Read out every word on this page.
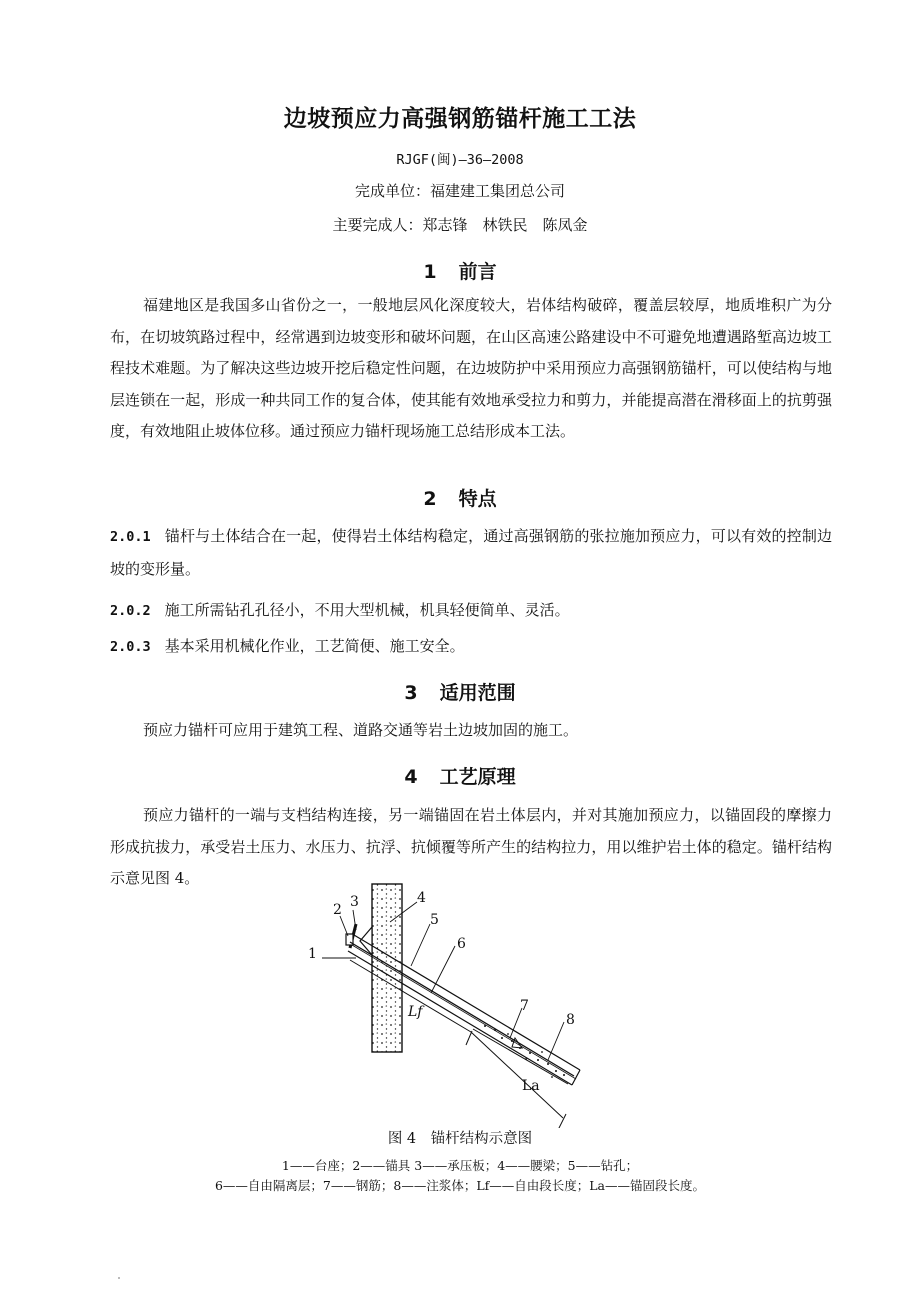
边坡预应力高强钢筋锚杆施工工法
RJGF(闽)—36—2008
完成单位：福建建工集团总公司
主要完成人：郑志锋　林铁民　陈凤金
1 前言
福建地区是我国多山省份之一，一般地层风化深度较大，岩体结构破碎，覆盖层较厚，地质堆积广为分布，在切坡筑路过程中，经常遇到边坡变形和破坏问题，在山区高速公路建设中不可避免地遭遇路堑高边坡工程技术难题。为了解决这些边坡开挖后稳定性问题，在边坡防护中采用预应力高强钢筋锚杆，可以使结构与地层连锁在一起，形成一种共同工作的复合体，使其能有效地承受拉力和剪力，并能提高潜在滑移面上的抗剪强度，有效地阻止坡体位移。通过预应力锚杆现场施工总结形成本工法。
2 特点
2.0.1 锚杆与土体结合在一起，使得岩土体结构稳定，通过高强钢筋的张拉施加预应力，可以有效的控制边坡的变形量。
2.0.2 施工所需钻孔孔径小，不用大型机械，机具轻便简单、灵活。
2.0.3 基本采用机械化作业，工艺简便、施工安全。
3 适用范围
预应力锚杆可应用于建筑工程、道路交通等岩土边坡加固的施工。
4 工艺原理
预应力锚杆的一端与支档结构连接，另一端锚固在岩土体层内，并对其施加预应力，以锚固段的摩擦力形成抗拔力，承受岩土压力、水压力、抗浮、抗倾覆等所产生的结构拉力，用以维护岩土体的稳定。锚杆结构示意见图 4。
1
2 3	4
5
6
7
8
Lf
La
图 4　锚杆结构示意图
1——台座；2——锚具 3——承压板；4——腰梁；5——钻孔；
6——自由隔离层；7——钢筋；8——注浆体；Lf——自由段长度；La——锚固段长度。
